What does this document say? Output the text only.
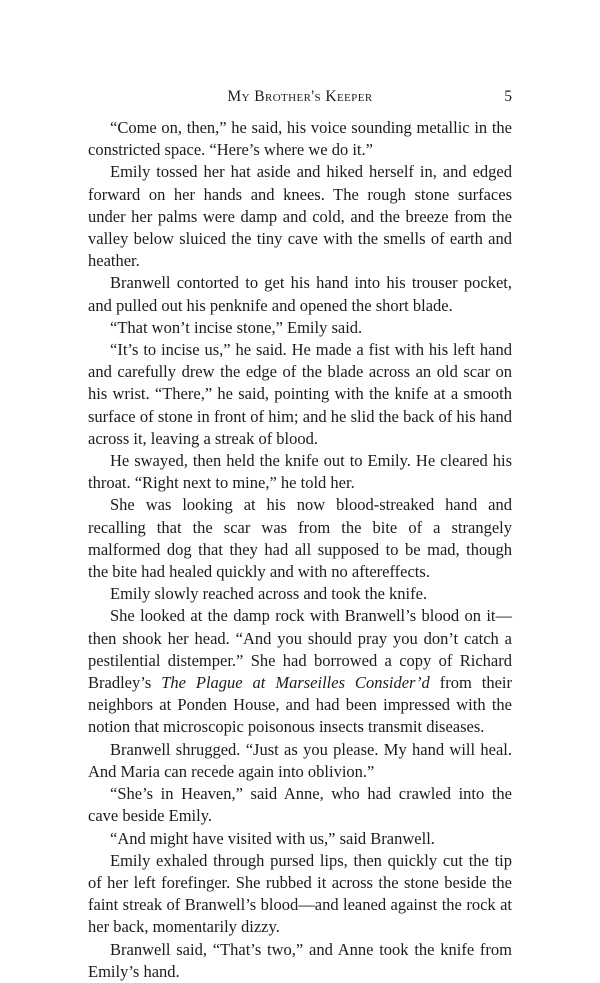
My Brother's Keeper	5

“Come on, then,” he said, his voice sounding metallic in the constricted space. “Here’s where we do it.”

Emily tossed her hat aside and hiked herself in, and edged forward on her hands and knees. The rough stone surfaces under her palms were damp and cold, and the breeze from the valley below sluiced the tiny cave with the smells of earth and heather.

Branwell contorted to get his hand into his trouser pocket, and pulled out his penknife and opened the short blade.

“That won’t incise stone,” Emily said.

“It’s to incise us,” he said. He made a fist with his left hand and carefully drew the edge of the blade across an old scar on his wrist. “There,” he said, pointing with the knife at a smooth surface of stone in front of him; and he slid the back of his hand across it, leaving a streak of blood.

He swayed, then held the knife out to Emily. He cleared his throat. “Right next to mine,” he told her.

She was looking at his now blood-streaked hand and recalling that the scar was from the bite of a strangely malformed dog that they had all supposed to be mad, though the bite had healed quickly and with no aftereffects.

Emily slowly reached across and took the knife.

She looked at the damp rock with Branwell’s blood on it—then shook her head. “And you should pray you don’t catch a pestilential distemper.” She had borrowed a copy of Richard Bradley’s The Plague at Marseilles Consider’d from their neighbors at Ponden House, and had been impressed with the notion that microscopic poisonous insects transmit diseases.

Branwell shrugged. “Just as you please. My hand will heal. And Maria can recede again into oblivion.”

“She’s in Heaven,” said Anne, who had crawled into the cave beside Emily.

“And might have visited with us,” said Branwell.

Emily exhaled through pursed lips, then quickly cut the tip of her left forefinger. She rubbed it across the stone beside the faint streak of Branwell’s blood—and leaned against the rock at her back, momentarily dizzy.

Branwell said, “That’s two,” and Anne took the knife from Emily’s hand.
